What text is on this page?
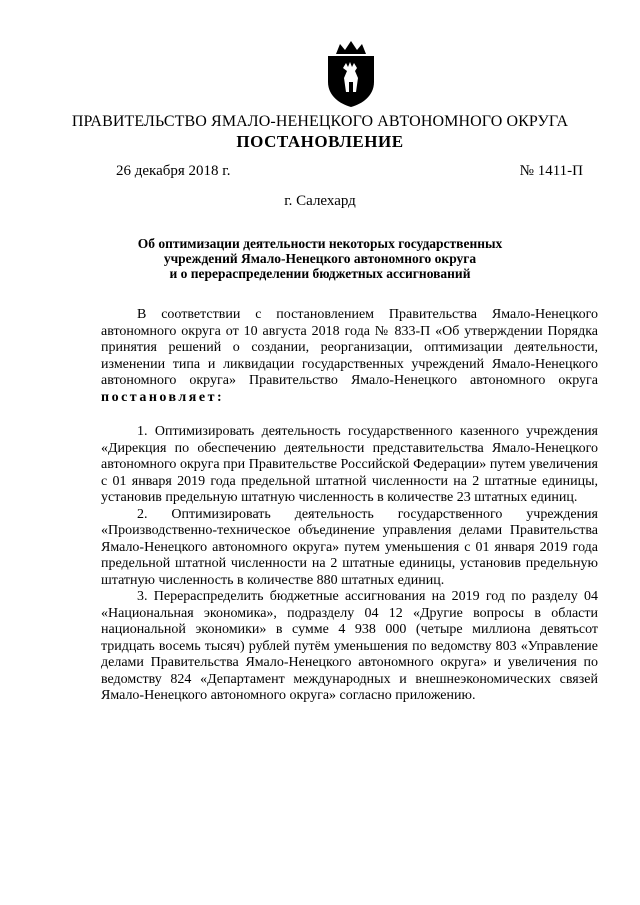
ПРАВИТЕЛЬСТВО ЯМАЛО-НЕНЕЦКОГО АВТОНОМНОГО ОКРУГА
ПОСТАНОВЛЕНИЕ
26 декабря 2018 г.	№ 1411-П
г. Салехард
Об оптимизации деятельности некоторых государственных
учреждений Ямало-Ненецкого автономного округа
и о перераспределении бюджетных ассигнований

В соответствии с постановлением Правительства Ямало-Ненецкого автономного округа от 10 августа 2018 года № 833-П «Об утверждении Порядка принятия решений о создании, реорганизации, оптимизации деятельности, изменении типа и ликвидации государственных учреждений Ямало-Ненецкого автономного округа» Правительство Ямало-Ненецкого автономного округа постановляет:

1. Оптимизировать деятельность государственного казенного учреждения «Дирекция по обеспечению деятельности представительства Ямало-Ненецкого автономного округа при Правительстве Российской Федерации» путем увеличения с 01 января 2019 года предельной штатной численности на 2 штатные единицы, установив предельную штатную численность в количестве 23 штатных единиц.

2. Оптимизировать деятельность государственного учреждения «Производственно-техническое объединение управления делами Правительства Ямало-Ненецкого автономного округа» путем уменьшения с 01 января 2019 года предельной штатной численности на 2 штатные единицы, установив предельную штатную численность в количестве 880 штатных единиц.

3. Перераспределить бюджетные ассигнования на 2019 год по разделу 04 «Национальная экономика», подразделу 04 12 «Другие вопросы в области национальной экономики» в сумме 4 938 000 (четыре миллиона девятьсот тридцать восемь тысяч) рублей путём уменьшения по ведомству 803 «Управление делами Правительства Ямало-Ненецкого автономного округа» и увеличения по ведомству 824 «Департамент международных и внешнеэкономических связей Ямало-Ненецкого автономного округа» согласно приложению.
